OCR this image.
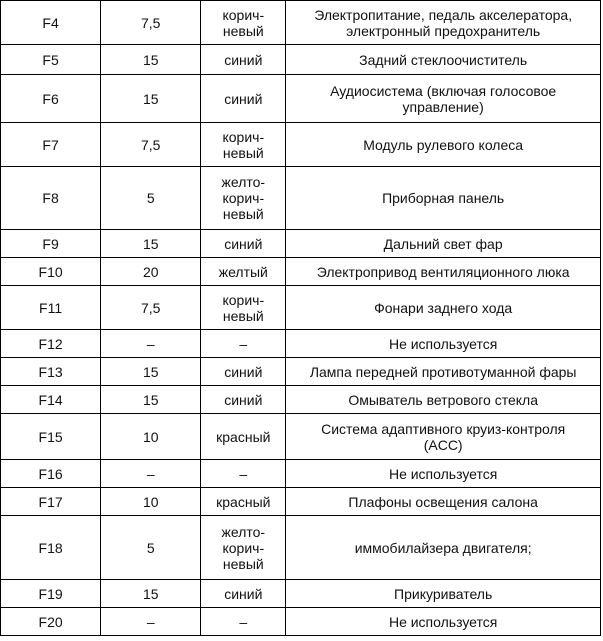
F4	7,5	корич-
невый	Электропитание, педаль акселератора,
электронный предохранитель
F5	15	синий	Задний стеклоочиститель
F6	15	синий	Аудиосистема (включая голосовое
управление)
F7	7,5	корич-
невый	Модуль рулевого колеса
F8	5	желто-
корич-
невый	Приборная панель
F9	15	синий	Дальний свет фар
F10	20	желтый	Электропривод вентиляционного люка
F11	7,5	корич-
невый	Фонари заднего хода
F12	–	–	Не используется
F13	15	синий	Лампа передней противотуманной фары
F14	15	синий	Омыватель ветрового стекла
F15	10	красный	Система адаптивного круиз-контроля
(ACC)
F16	–	–	Не используется
F17	10	красный	Плафоны освещения салона
F18	5	желто-
корич-
невый	иммобилайзера двигателя;
F19	15	синий	Прикуриватель
F20	–	–	Не используется
